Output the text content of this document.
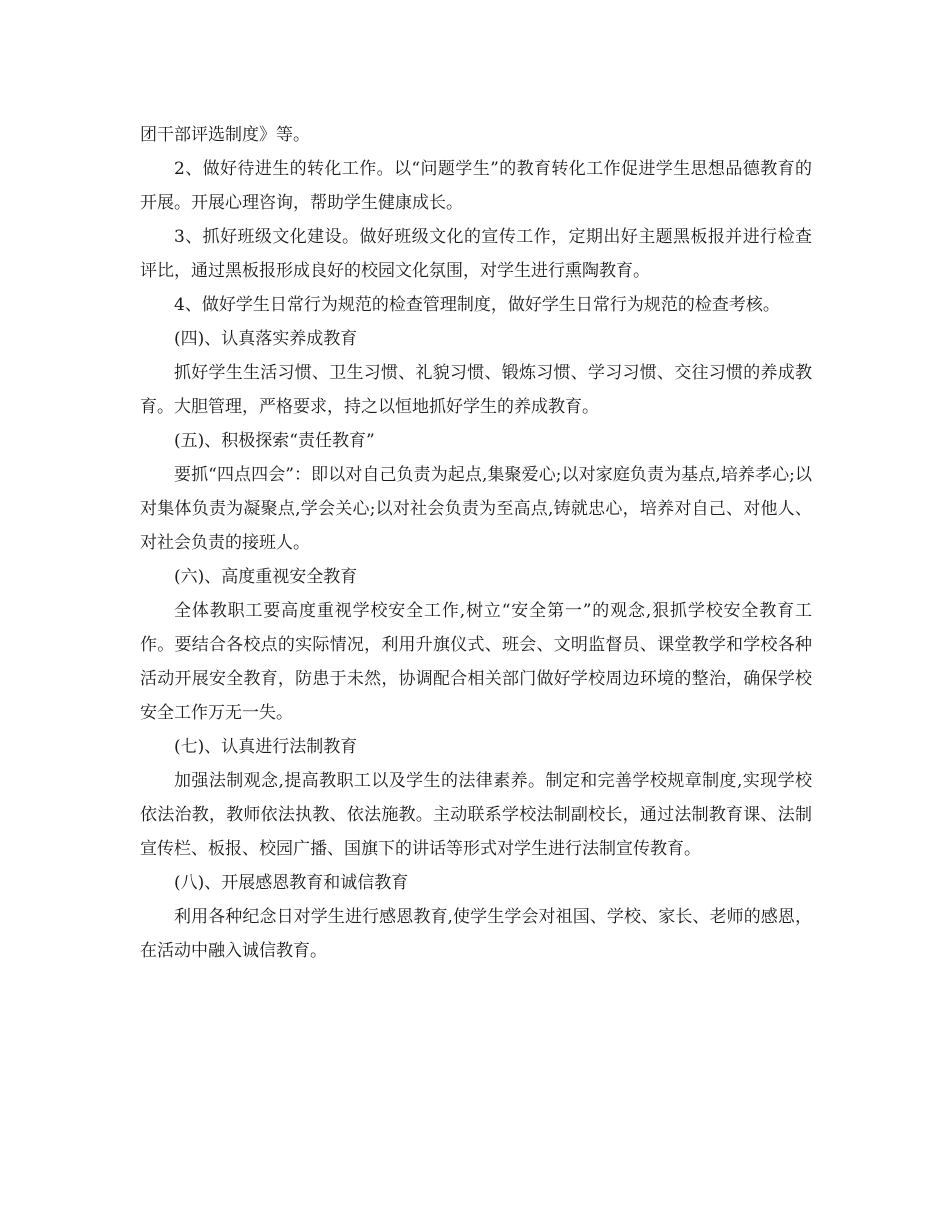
团干部评选制度》等。

2、做好待进生的转化工作。以“问题学生”的教育转化工作促进学生思想品德教育的开展。开展心理咨询，帮助学生健康成长。

3、抓好班级文化建设。做好班级文化的宣传工作，定期出好主题黑板报并进行检查评比，通过黑板报形成良好的校园文化氛围，对学生进行熏陶教育。

4、做好学生日常行为规范的检查管理制度，做好学生日常行为规范的检查考核。

(四)、认真落实养成教育

抓好学生生活习惯、卫生习惯、礼貌习惯、锻炼习惯、学习习惯、交往习惯的养成教育。大胆管理，严格要求，持之以恒地抓好学生的养成教育。

(五)、积极探索“责任教育”

要抓“四点四会”：即以对自己负责为起点,集聚爱心;以对家庭负责为基点,培养孝心;以对集体负责为凝聚点,学会关心;以对社会负责为至高点,铸就忠心，培养对自己、对他人、对社会负责的接班人。

(六)、高度重视安全教育

全体教职工要高度重视学校安全工作,树立“安全第一”的观念,狠抓学校安全教育工作。要结合各校点的实际情况，利用升旗仪式、班会、文明监督员、课堂教学和学校各种活动开展安全教育，防患于未然，协调配合相关部门做好学校周边环境的整治，确保学校安全工作万无一失。

(七)、认真进行法制教育

加强法制观念,提高教职工以及学生的法律素养。制定和完善学校规章制度,实现学校依法治教，教师依法执教、依法施教。主动联系学校法制副校长，通过法制教育课、法制宣传栏、板报、校园广播、国旗下的讲话等形式对学生进行法制宣传教育。

(八)、开展感恩教育和诚信教育

利用各种纪念日对学生进行感恩教育,使学生学会对祖国、学校、家长、老师的感恩，在活动中融入诚信教育。
